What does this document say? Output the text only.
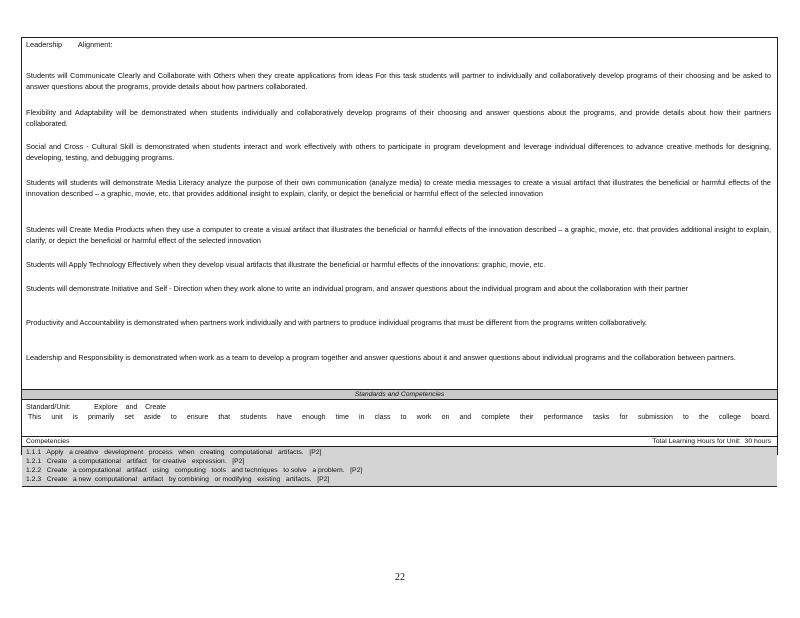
Leadership        Alignment:
Students will Communicate Clearly and Collaborate with Others when they create applications from ideas For this task students will partner to individually and collaboratively develop programs of their choosing and be asked to answer questions about the programs, provide details about how partners collaborated.
Flexibility and Adaptability will be demonstrated when students individually and collaboratively develop programs of their choosing and answer questions about the programs, and provide details about how their partners collaborated.
Social and Cross - Cultural Skill is demonstrated when students interact and work effectively with others to participate in program development and leverage individual differences to advance creative methods for designing, developing, testing, and debugging programs.
Students will students will demonstrate Media Literacy analyze the purpose of their own communication (analyze media) to create media messages to create a visual artifact that illustrates the beneficial or harmful effects of the innovation described – a graphic, movie, etc. that provides additional insight to explain, clarify, or depict the beneficial or harmful effect of the selected innovation
Students will Create Media Products when they use a computer to create a visual artifact that illustrates the beneficial or harmful effects of the innovation described – a graphic, movie, etc. that provides additional insight to explain, clarify, or depict the beneficial or harmful effect of the selected innovation
Students will Apply Technology Effectively when they develop visual artifacts that illustrate the beneficial or harmful effects of the innovations: graphic, movie, etc.
Students will demonstrate Initiative and Self - Direction when they work alone to write an individual program, and answer questions about the individual program and about the collaboration with their partner
Productivity and Accountability is demonstrated when partners work individually and with partners to produce individual programs that must be different from the programs written collaboratively.
Leadership and Responsibility is demonstrated when work as a team to develop a program together and answer questions about it and answer questions about individual programs and the collaboration between partners.
Standards and Competencies
Standard/Unit:	Explore    and    Create
This unit is primarily set aside to ensure that students have enough time in class to work on and complete their performance tasks for submission to the college board.
Competencies	Total Learning Hours for Unit: 30 hours
1.1.1   Apply   a creative   development   process   when   creating   computational   artifacts.   [P2]
1.2.1   Create   a computational   artifact   for creative   expression.   [P2]
1.2.2   Create   a computational   artifact   using   computing   tools   and techniques   to solve   a problem.   [P2]
1.2.3   Create   a new  computational   artifact   by combining   or modifying   existing   artifacts.   [P2]
22
